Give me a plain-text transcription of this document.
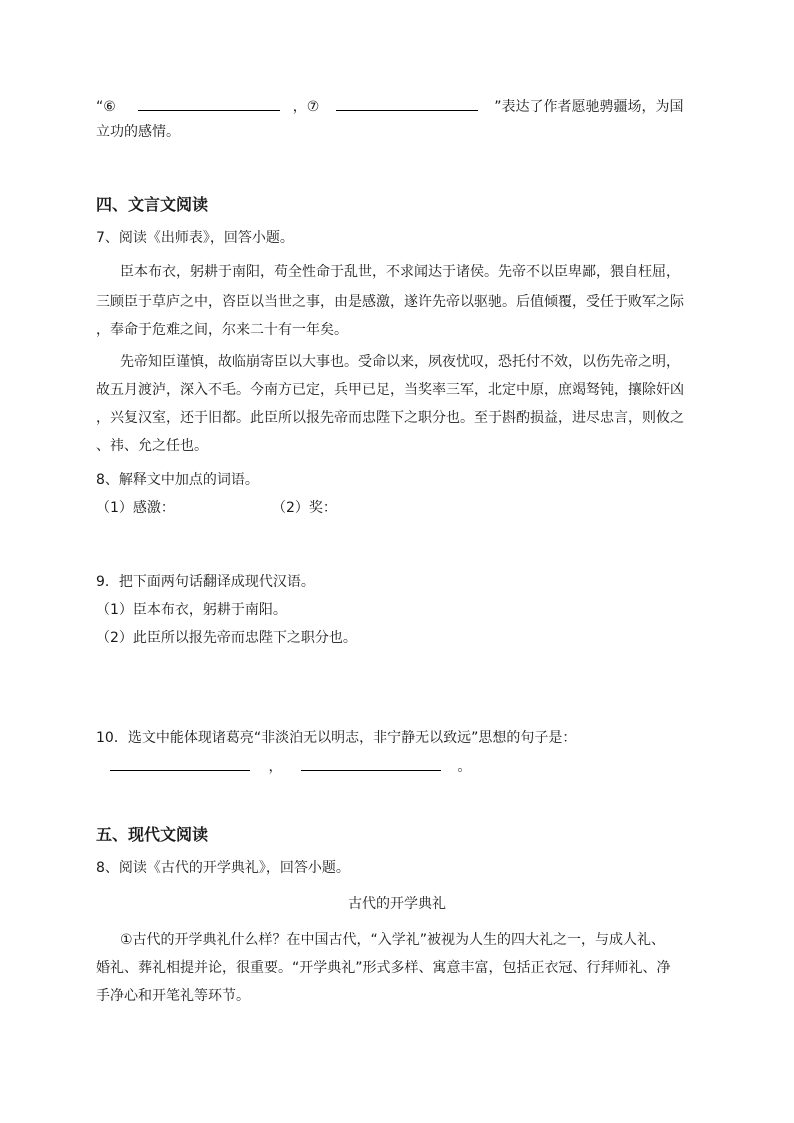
“⑥	，⑦	”表达了作者愿驰骋疆场，为国
立功的感情。
四、文言文阅读
7、阅读《出师表》，回答小题。
臣本布衣，躬耕于南阳，苟全性命于乱世，不求闻达于诸侯。先帝不以臣卑鄙，猥自枉屈，
三顾臣于草庐之中，咨臣以当世之事，由是感激，遂许先帝以驱驰。后值倾覆，受任于败军之际
，奉命于危难之间，尔来二十有一年矣。
先帝知臣谨慎，故临崩寄臣以大事也。受命以来，夙夜忧叹，恐托付不效，以伤先帝之明，
故五月渡泸，深入不毛。今南方已定，兵甲已足，当奖率三军，北定中原，庶竭驽钝，攘除奸凶
，兴复汉室，还于旧都。此臣所以报先帝而忠陛下之职分也。至于斟酌损益，进尽忠言，则攸之
、祎、允之任也。
8、解释文中加点的词语。
（1）感激：	（2）奖：
9．把下面两句话翻译成现代汉语。
（1）臣本布衣，躬耕于南阳。
（2）此臣所以报先帝而忠陛下之职分也。
10．选文中能体现诸葛亮“非淡泊无以明志，非宁静无以致远”思想的句子是：
，	。
五、现代文阅读
8、阅读《古代的开学典礼》，回答小题。
古代的开学典礼
①古代的开学典礼什么样？在中国古代，“入学礼”被视为人生的四大礼之一，与成人礼、
婚礼、葬礼相提并论，很重要。“开学典礼”形式多样、寓意丰富，包括正衣冠、行拜师礼、净
手净心和开笔礼等环节。
